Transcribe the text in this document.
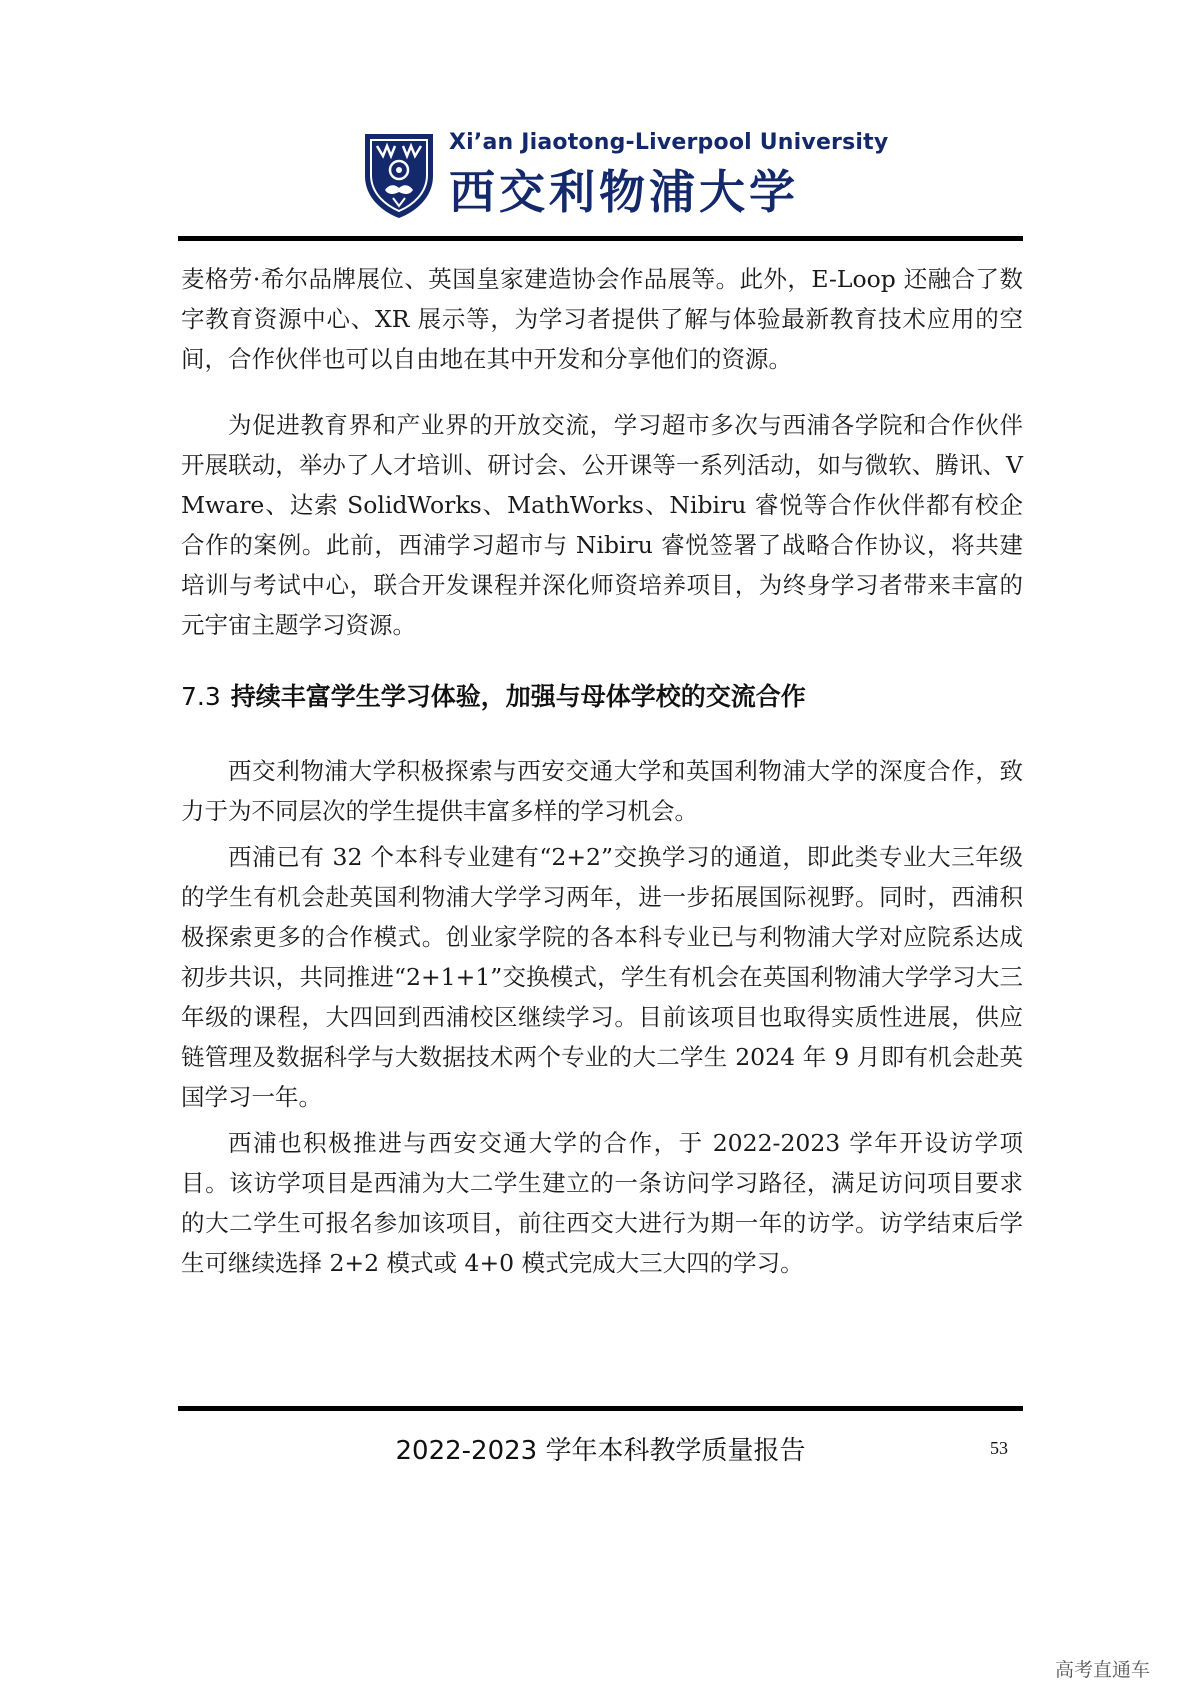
Xi’an Jiaotong-Liverpool University
西交利物浦大学

麦格劳·希尔品牌展位、英国皇家建造协会作品展等。此外，E-Loop 还融合了数字教育资源中心、XR 展示等，为学习者提供了解与体验最新教育技术应用的空间，合作伙伴也可以自由地在其中开发和分享他们的资源。

为促进教育界和产业界的开放交流，学习超市多次与西浦各学院和合作伙伴开展联动，举办了人才培训、研讨会、公开课等一系列活动，如与微软、腾讯、VMware、达索 SolidWorks、MathWorks、Nibiru 睿悦等合作伙伴都有校企合作的案例。此前，西浦学习超市与 Nibiru 睿悦签署了战略合作协议，将共建培训与考试中心，联合开发课程并深化师资培养项目，为终身学习者带来丰富的元宇宙主题学习资源。

7.3 持续丰富学生学习体验，加强与母体学校的交流合作

西交利物浦大学积极探索与西安交通大学和英国利物浦大学的深度合作，致力于为不同层次的学生提供丰富多样的学习机会。

西浦已有 32 个本科专业建有“2+2”交换学习的通道，即此类专业大三年级的学生有机会赴英国利物浦大学学习两年，进一步拓展国际视野。同时，西浦积极探索更多的合作模式。创业家学院的各本科专业已与利物浦大学对应院系达成初步共识，共同推进“2+1+1”交换模式，学生有机会在英国利物浦大学学习大三年级的课程，大四回到西浦校区继续学习。目前该项目也取得实质性进展，供应链管理及数据科学与大数据技术两个专业的大二学生 2024 年 9 月即有机会赴英国学习一年。

西浦也积极推进与西安交通大学的合作，于 2022-2023 学年开设访学项目。该访学项目是西浦为大二学生建立的一条访问学习路径，满足访问项目要求的大二学生可报名参加该项目，前往西交大进行为期一年的访学。访学结束后学生可继续选择 2+2 模式或 4+0 模式完成大三大四的学习。

2022-2023 学年本科教学质量报告	53
高考直通车
